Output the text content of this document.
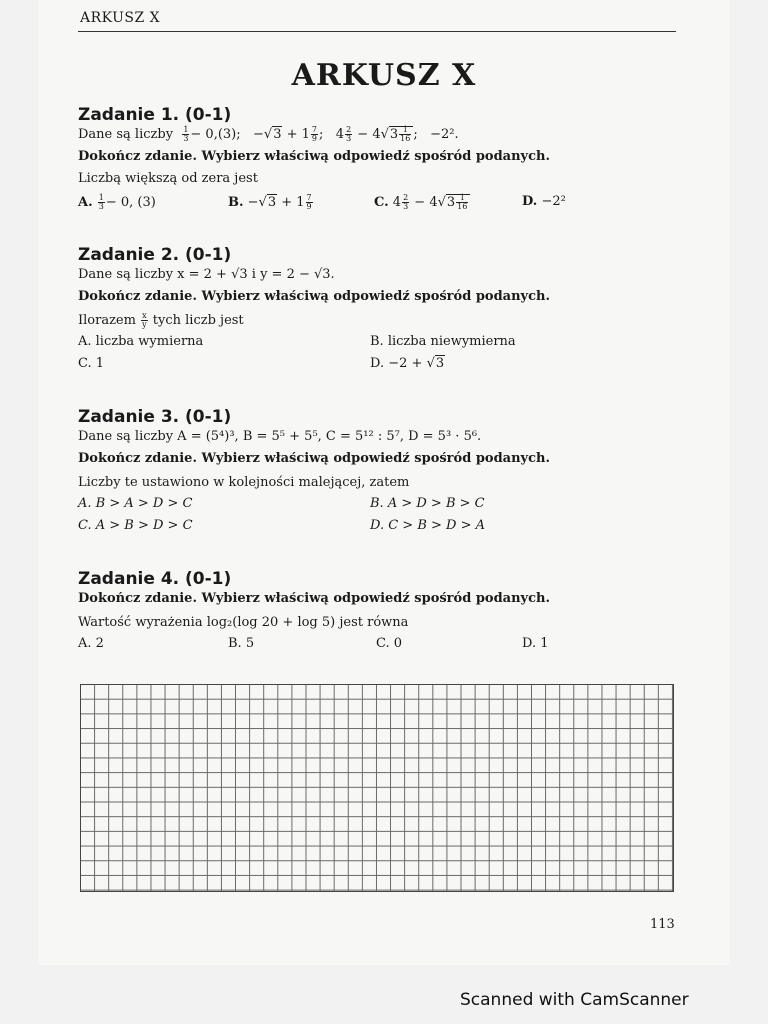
ARKUSZ X
ARKUSZ X
Zadanie 1. (0-1)
Dane są liczby $\frac{1}{3} - 0,(3)$;   $-√3 + 1 \frac{7}{9}$ ;   $4 \frac{2}{3} - 4√3 \frac{1}{16}$ ;   −2².
Dokończ zdanie. Wybierz właściwą odpowiedź spośród podanych.
Liczbą większą od zera jest
A. $\frac{1}{3} - 0$, (3)	B. $-√3 + 1 \frac{7}{9}$	C. $4 \frac{2}{3} - 4√3 \frac{1}{16}$	D. −2²
Zadanie 2. (0-1)
Dane są liczby x = 2 + √3 i y = 2 − √3.
Dokończ zdanie. Wybierz właściwą odpowiedź spośród podanych.
Ilorazem $\frac{x}{y}$ tych liczb jest
A. liczba wymierna	B. liczba niewymierna
C. 1	D. −2 + √3
Zadanie 3. (0-1)
Dane są liczby A = (5⁴)³, B = 5⁵ + 5⁵, C = 5¹² : 5⁷, D = 5³ · 5⁶.
Dokończ zdanie. Wybierz właściwą odpowiedź spośród podanych.
Liczby te ustawiono w kolejności malejącej, zatem
A. B > A > D > C	B. A > D > B > C
C. A > B > D > C	D. C > B > D > A
Zadanie 4. (0-1)
Dokończ zdanie. Wybierz właściwą odpowiedź spośród podanych.
Wartość wyrażenia log₂(log 20 + log 5) jest równa
A. 2	B. 5	C. 0	D. 1
113
Scanned with CamScanner
